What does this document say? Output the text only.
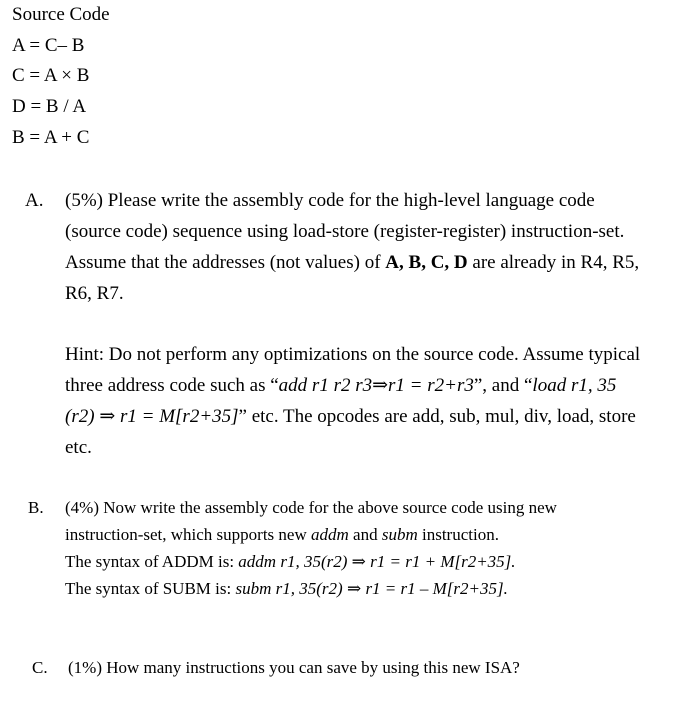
Source Code
A = C– B
C = A × B
D = B / A
B = A + C
A. (5%) Please write the assembly code for the high-level language code
(source code) sequence using load-store (register-register) instruction-set.
Assume that the addresses (not values) of A, B, C, D are already in R4, R5,
R6, R7.
Hint: Do not perform any optimizations on the source code. Assume typical
three address code such as “add r1 r2 r3⇒r1 = r2+r3”, and “load r1, 35
(r2) ⇒ r1 = M[r2+35]” etc. The opcodes are add, sub, mul, div, load, store
etc.
B. (4%) Now write the assembly code for the above source code using new
instruction-set, which supports new addm and subm instruction.
The syntax of ADDM is: addm r1, 35(r2) ⇒ r1 = r1 + M[r2+35].
The syntax of SUBM is: subm r1, 35(r2) ⇒ r1 = r1 – M[r2+35].
C. (1%) How many instructions you can save by using this new ISA?
